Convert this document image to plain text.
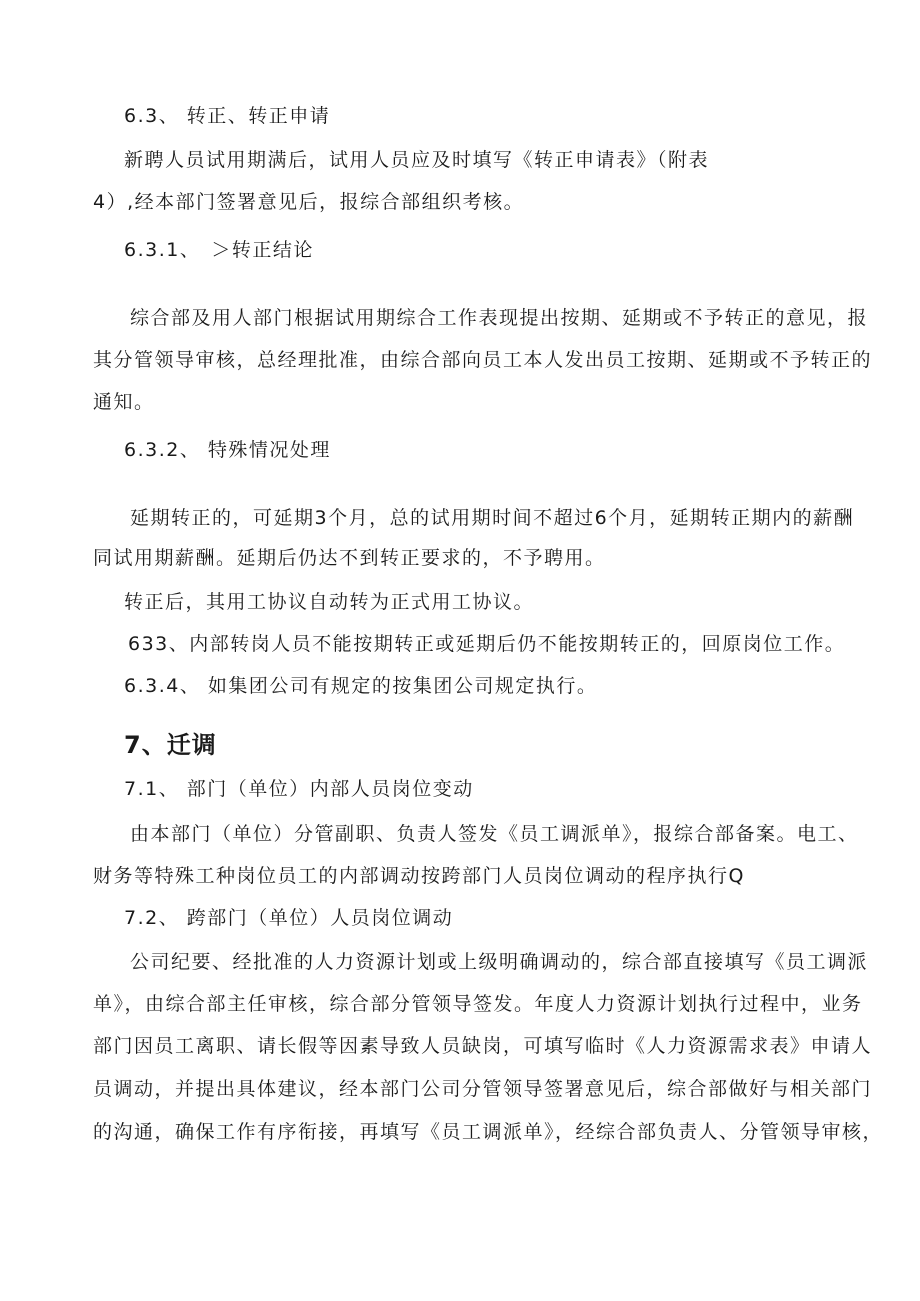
6.3、 转正、转正申请
新聘人员试用期满后，试用人员应及时填写《转正申请表》（附表
4）,经本部门签署意见后，报综合部组织考核。
6.3.1、　＞转正结论
综合部及用人部门根据试用期综合工作表现提出按期、延期或不予转正的意见，报
其分管领导审核，总经理批准，由综合部向员工本人发出员工按期、延期或不予转正的
通知。
6.3.2、 特殊情况处理
延期转正的，可延期3个月，总的试用期时间不超过6个月，延期转正期内的薪酬
同试用期薪酬。延期后仍达不到转正要求的，不予聘用。
转正后，其用工协议自动转为正式用工协议。
633、内部转岗人员不能按期转正或延期后仍不能按期转正的，回原岗位工作。
6.3.4、 如集团公司有规定的按集团公司规定执行。
7、迁调
7.1、 部门（单位）内部人员岗位变动
由本部门（单位）分管副职、负责人签发《员工调派单》，报综合部备案。电工、
财务等特殊工种岗位员工的内部调动按跨部门人员岗位调动的程序执行Q
7.2、 跨部门（单位）人员岗位调动
公司纪要、经批准的人力资源计划或上级明确调动的，综合部直接填写《员工调派
单》，由综合部主任审核，综合部分管领导签发。年度人力资源计划执行过程中，业务
部门因员工离职、请长假等因素导致人员缺岗，可填写临时《人力资源需求表》申请人
员调动，并提出具体建议，经本部门公司分管领导签署意见后，综合部做好与相关部门
的沟通，确保工作有序衔接，再填写《员工调派单》，经综合部负责人、分管领导审核，
